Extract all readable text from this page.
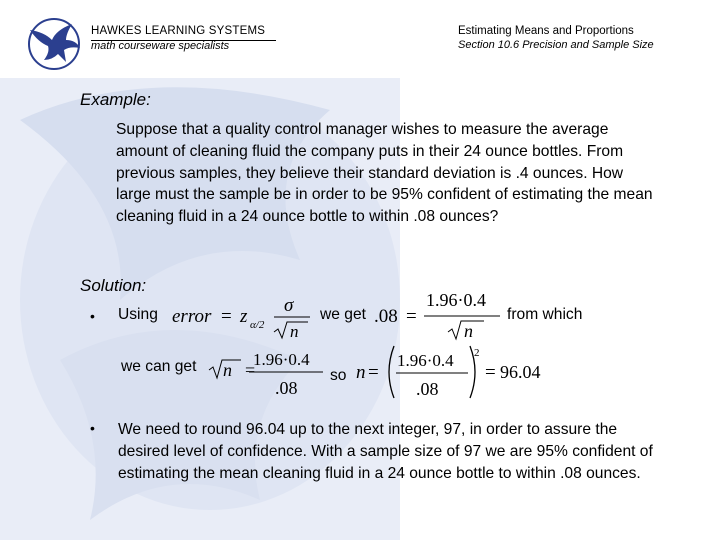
HAWKES LEARNING SYSTEMS
math courseware specialists
Estimating Means and Proportions
Section 10.6 Precision and Sample Size
Example:
Suppose that a quality control manager wishes to measure the average amount of cleaning fluid the company puts in their 24 ounce bottles. From previous samples, they believe their standard deviation is .4 ounces. How large must the sample be in order to be 95% confident of estimating the mean cleaning fluid in a 24 ounce bottle to within .08 ounces?
Solution:
• Using error = z α/2
σ
n
we get .08 =
1.96·0.4
n
from which
we can get n =
1.96·0.4
.08
so n =
1.96·0.4
.08
2
= 96.04
• We need to round 96.04 up to the next integer, 97, in order to assure the desired level of confidence. With a sample size of 97 we are 95% confident of estimating the mean cleaning fluid in a 24 ounce bottle to within .08 ounces.
